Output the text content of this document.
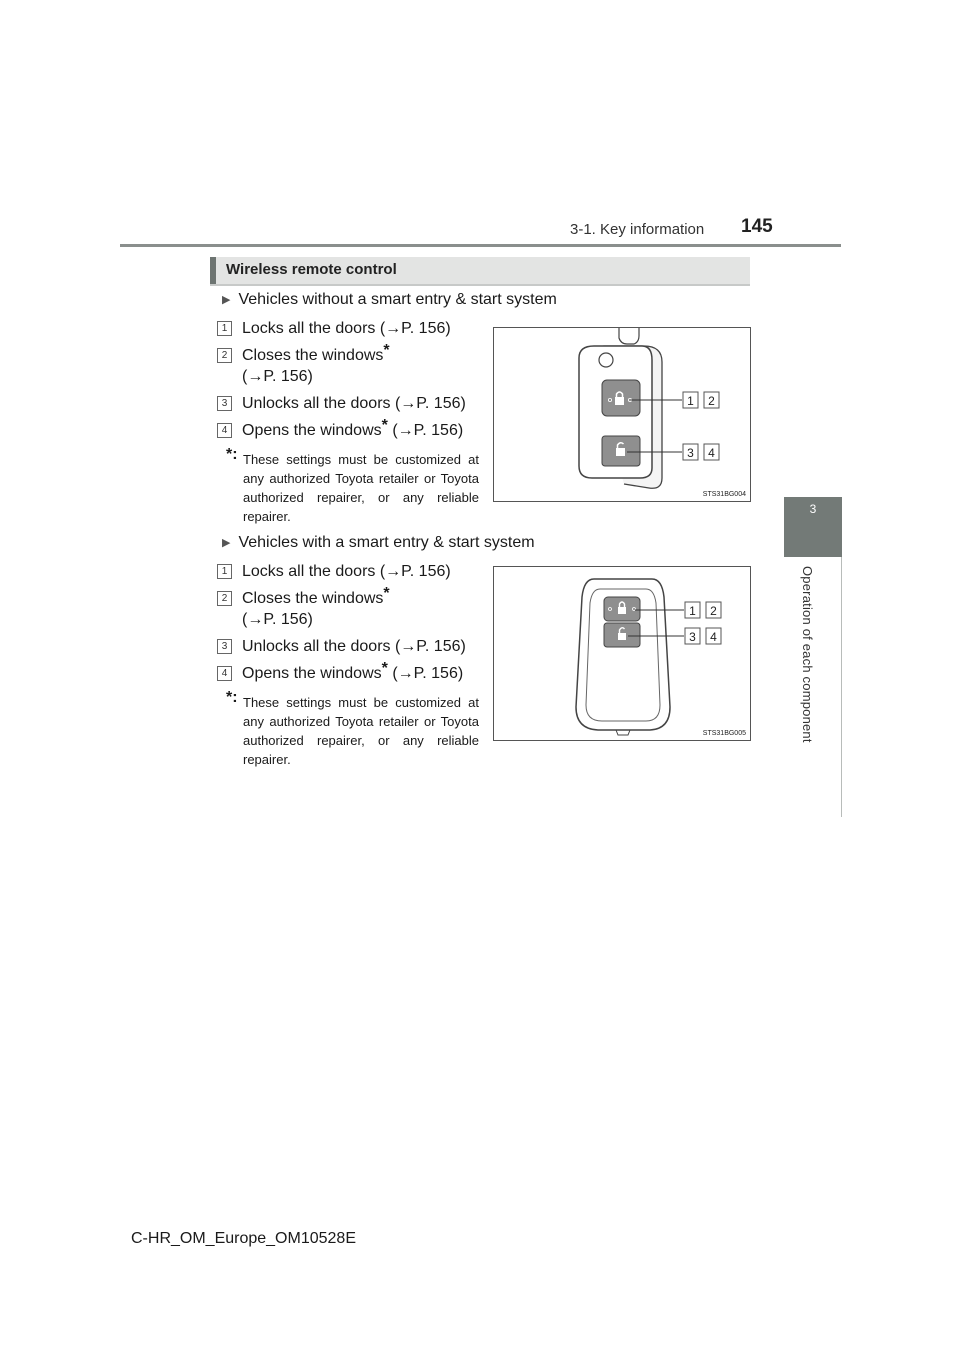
3-1. Key information 145
3
Operation of each component
Wireless remote control
▶ Vehicles without a smart entry & start system
1 Locks all the doors (→P. 156)
2 Closes the windows*
(→P. 156)
3 Unlocks all the doors (→P. 156)
4 Opens the windows* (→P. 156)
*: These settings must be customized at any authorized Toyota retailer or Toyota authorized repairer, or any reliable repairer.
1 2
3 4
STS31BG004
▶ Vehicles with a smart entry & start system
1 Locks all the doors (→P. 156)
2 Closes the windows*
(→P. 156)
3 Unlocks all the doors (→P. 156)
4 Opens the windows* (→P. 156)
*: These settings must be customized at any authorized Toyota retailer or Toyota authorized repairer, or any reliable repairer.
1 2
3 4
STS31BG005
C-HR_OM_Europe_OM10528E
